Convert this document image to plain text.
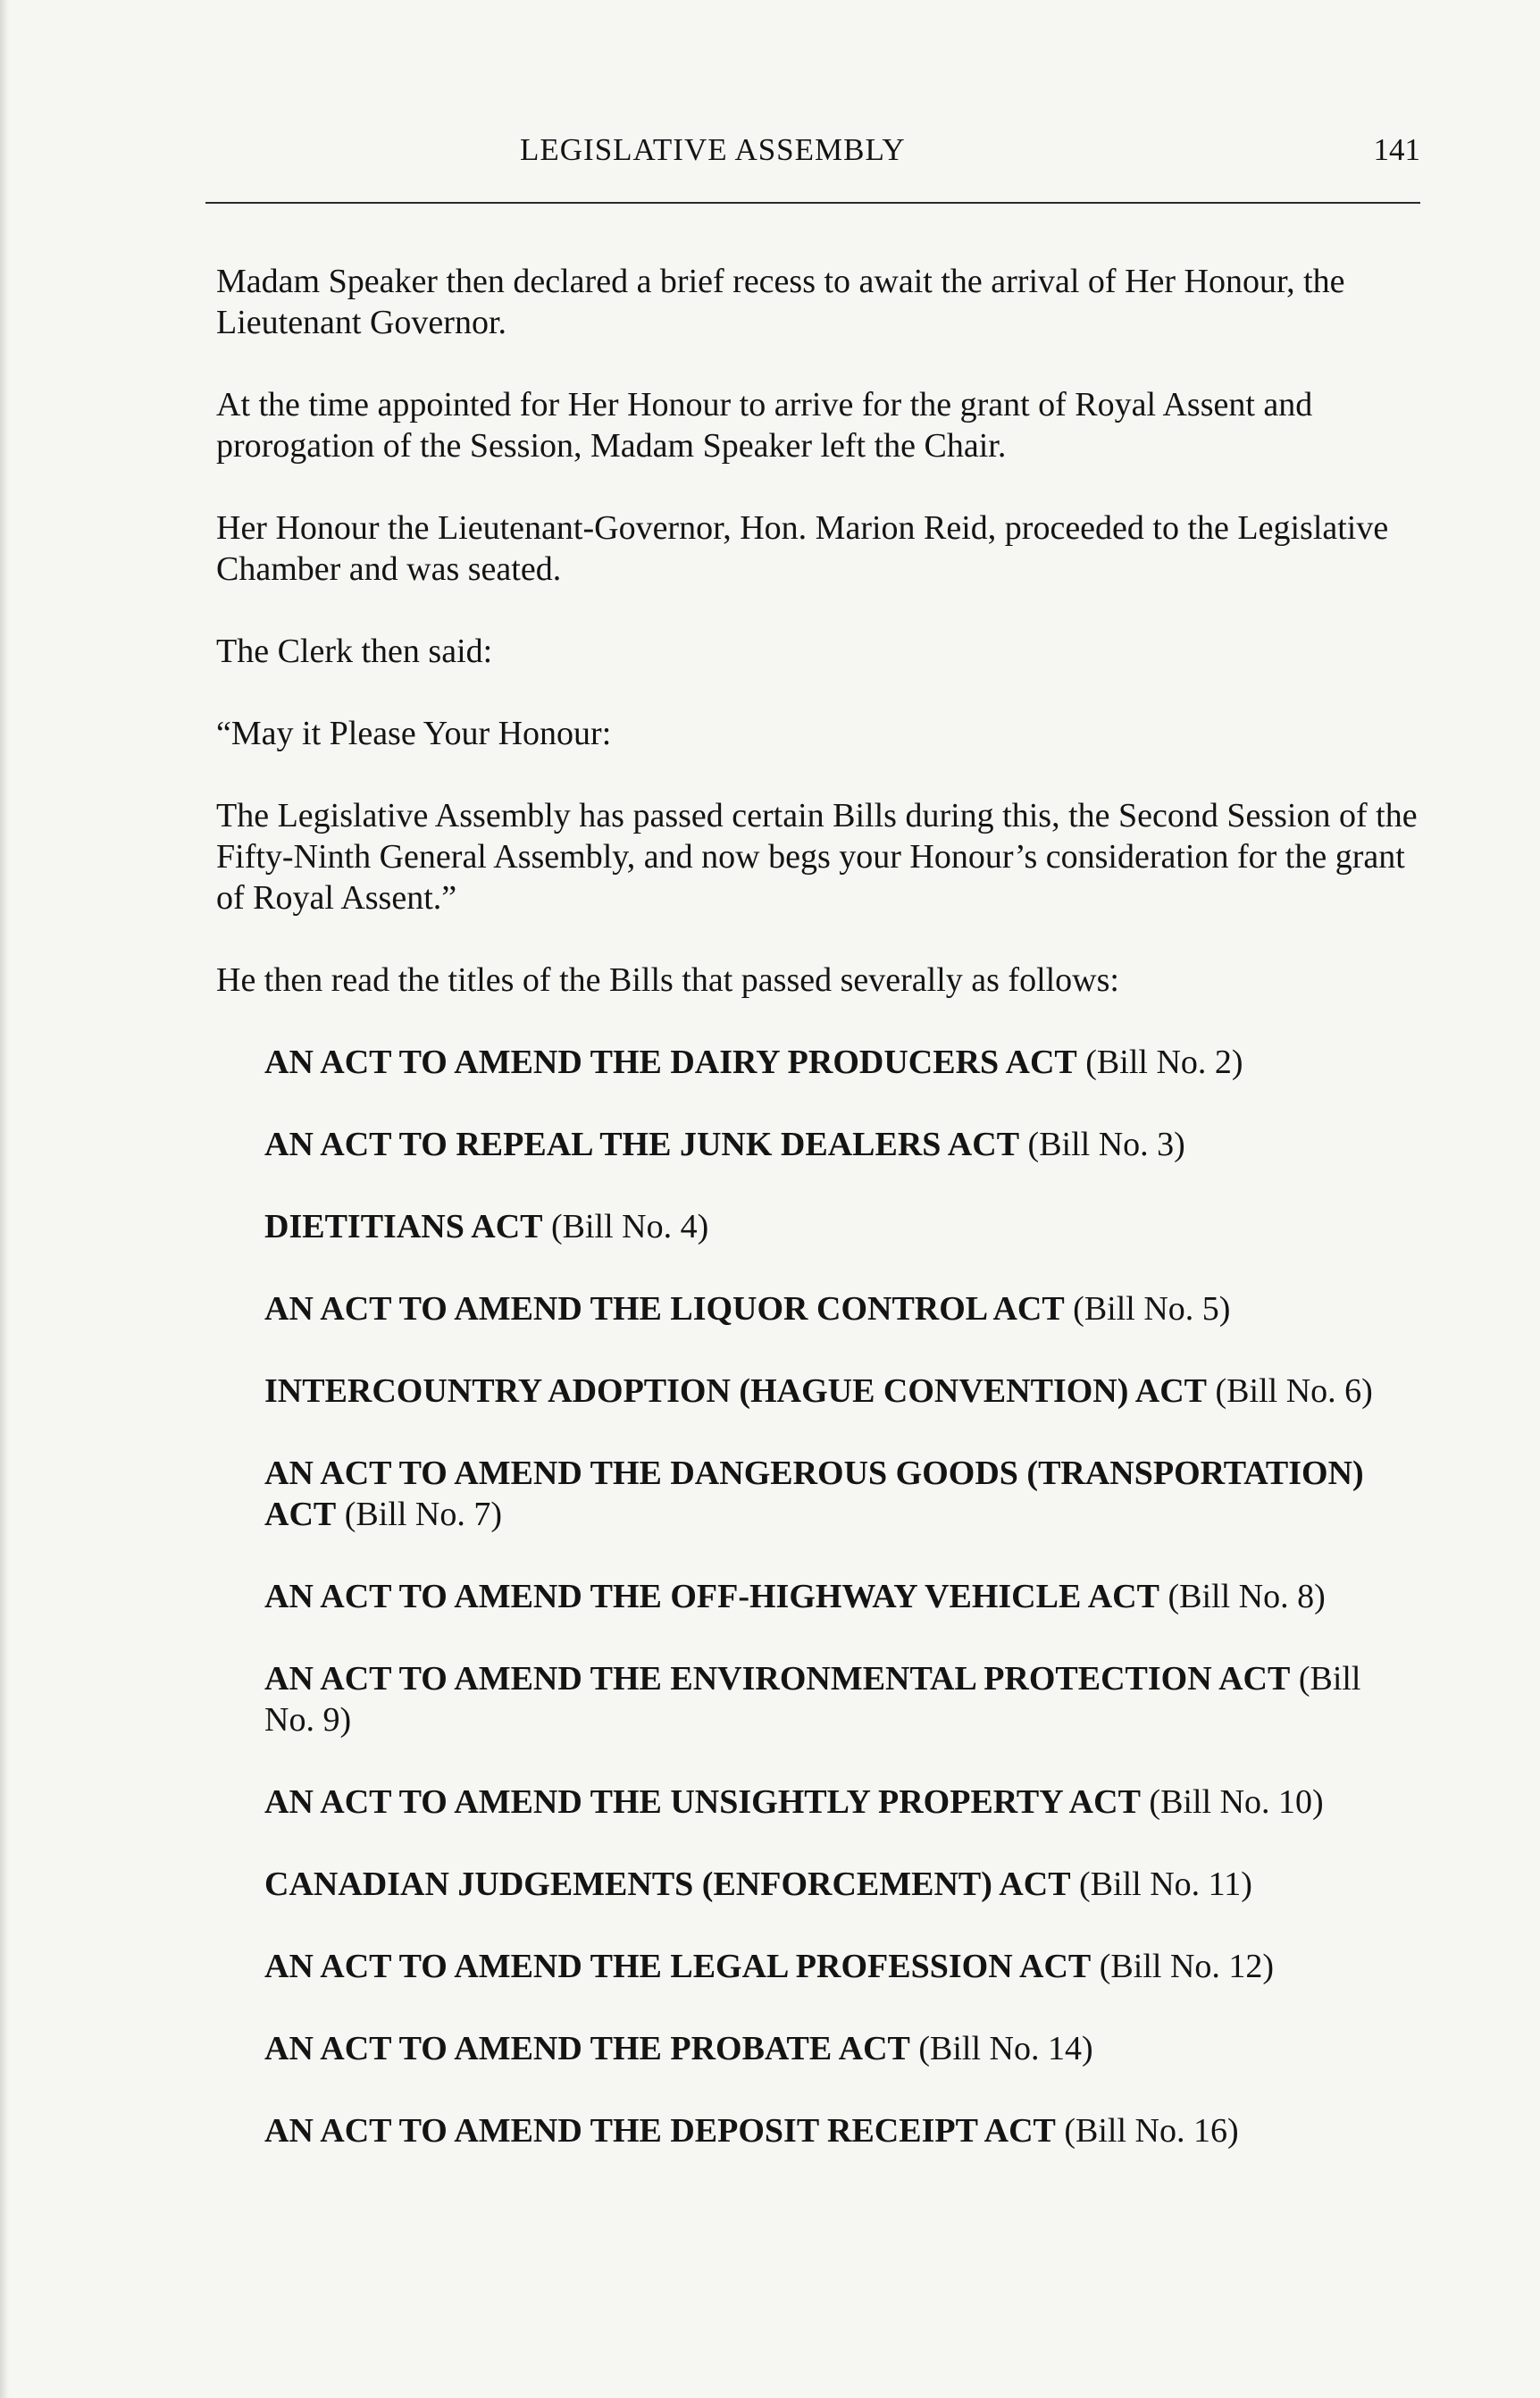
LEGISLATIVE ASSEMBLY	141

Madam Speaker then declared a brief recess to await the arrival of Her Honour, the Lieutenant Governor.

At the time appointed for Her Honour to arrive for the grant of Royal Assent and prorogation of the Session, Madam Speaker left the Chair.

Her Honour the Lieutenant-Governor, Hon. Marion Reid, proceeded to the Legislative Chamber and was seated.

The Clerk then said:

“May it Please Your Honour:

The Legislative Assembly has passed certain Bills during this, the Second Session of the Fifty-Ninth General Assembly, and now begs your Honour’s consideration for the grant of Royal Assent.”

He then read the titles of the Bills that passed severally as follows:

AN ACT TO AMEND THE DAIRY PRODUCERS ACT (Bill No. 2)
AN ACT TO REPEAL THE JUNK DEALERS ACT (Bill No. 3)
DIETITIANS ACT (Bill No. 4)
AN ACT TO AMEND THE LIQUOR CONTROL ACT (Bill No. 5)
INTERCOUNTRY ADOPTION (HAGUE CONVENTION) ACT (Bill No. 6)
AN ACT TO AMEND THE DANGEROUS GOODS (TRANSPORTATION) ACT (Bill No. 7)
AN ACT TO AMEND THE OFF-HIGHWAY VEHICLE ACT (Bill No. 8)
AN ACT TO AMEND THE ENVIRONMENTAL PROTECTION ACT (Bill No. 9)
AN ACT TO AMEND THE UNSIGHTLY PROPERTY ACT (Bill No. 10)
CANADIAN JUDGEMENTS (ENFORCEMENT) ACT (Bill No. 11)
AN ACT TO AMEND THE LEGAL PROFESSION ACT (Bill No. 12)
AN ACT TO AMEND THE PROBATE ACT (Bill No. 14)
AN ACT TO AMEND THE DEPOSIT RECEIPT ACT (Bill No. 16)
